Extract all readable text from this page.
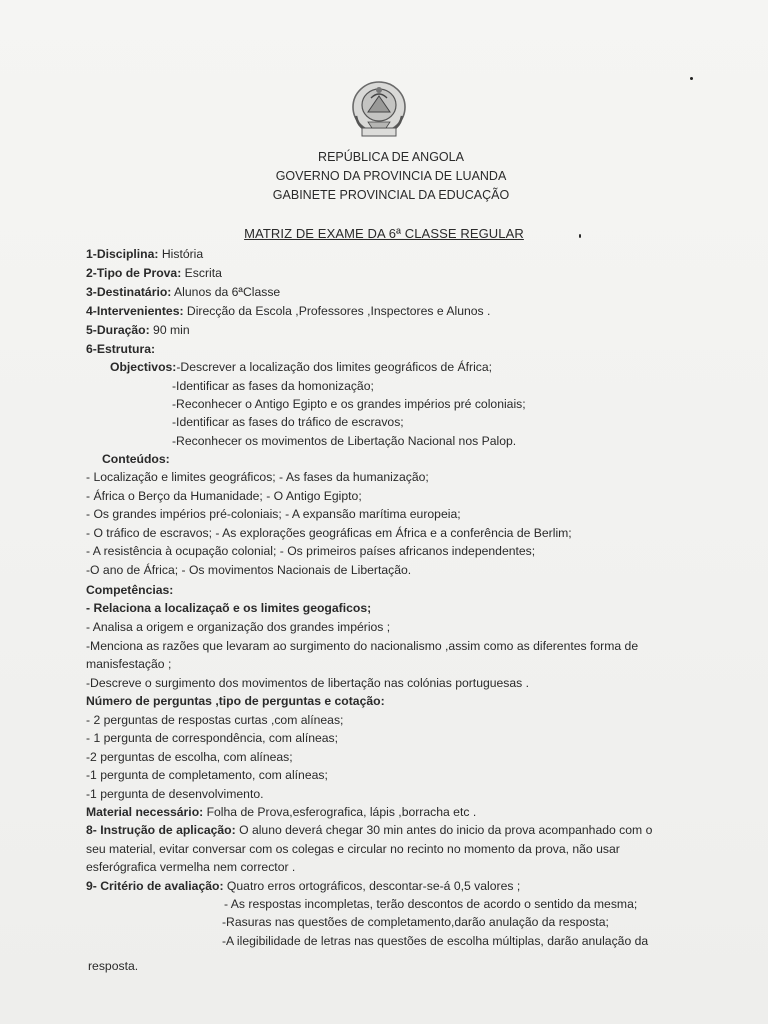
REPÚBLICA DE ANGOLA
GOVERNO DA PROVINCIA DE LUANDA
GABINETE PROVINCIAL DA EDUCAÇÃO
MATRIZ DE EXAME DA 6ª CLASSE REGULAR
1-Disciplina: História
2-Tipo de Prova: Escrita
3-Destinatário: Alunos da 6ªClasse
4-Intervenientes: Direcção da Escola ,Professores ,Inspectores e Alunos .
5-Duração: 90 min
6-Estrutura:
Objectivos:-Descrever a localização dos limites geográficos de África;
-Identificar as fases da homonização;
-Reconhecer o Antigo Egipto e os grandes impérios pré coloniais;
-Identificar as fases do tráfico de escravos;
-Reconhecer os movimentos de Libertação Nacional nos Palop.
Conteúdos:
- Localização e limites geográficos; - As fases da humanização;
- África o Berço da Humanidade; - O Antigo Egipto;
- Os grandes impérios pré-coloniais; - A expansão marítima europeia;
- O tráfico de escravos; - As explorações geográficas em África e a conferência de Berlim;
- A resistência à ocupação colonial; - Os primeiros países africanos independentes;
-O ano de África; - Os movimentos Nacionais de Libertação.
Competências:
- Relaciona a localizaçaõ e os limites geogaficos;
- Analisa a origem e organização dos grandes impérios ;
-Menciona as razões que levaram ao surgimento do nacionalismo ,assim como as diferentes forma de
manisfestação ;
-Descreve o surgimento dos movimentos de libertação nas colónias portuguesas .
Número de perguntas ,tipo de perguntas e cotação:
- 2 perguntas de respostas curtas ,com alíneas;
- 1 pergunta de correspondência, com alíneas;
-2 perguntas de escolha, com alíneas;
-1 pergunta de completamento, com alíneas;
-1 pergunta de desenvolvimento.
Material necessário: Folha de Prova,esferografica, lápis ,borracha etc .
8- Instrução de aplicação: O aluno deverá chegar 30 min antes do inicio da prova acompanhado com o
seu material, evitar conversar com os colegas e circular no recinto no momento da prova, não usar
esferógrafica vermelha nem corrector .
9- Critério de avaliação: Quatro erros ortográficos, descontar-se-á 0,5 valores ;
- As respostas incompletas, terão descontos de acordo o sentido da mesma;
-Rasuras nas questões de completamento,darão anulação da resposta;
-A ilegibilidade de letras nas questões de escolha múltiplas, darão anulação da
resposta.
